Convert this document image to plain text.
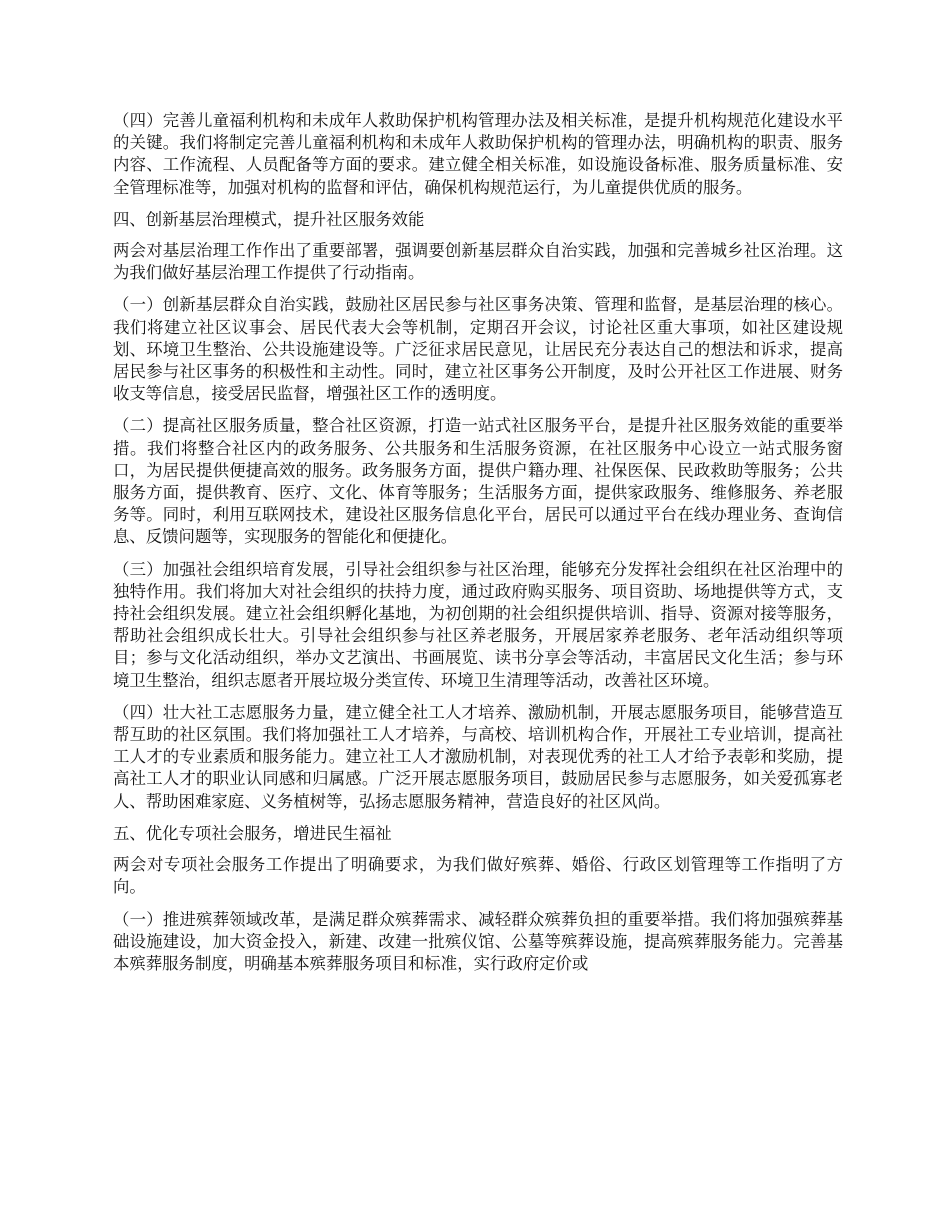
（四）完善儿童福利机构和未成年人救助保护机构管理办法及相关标准，是提升机构规范化建设水平的关键。我们将制定完善儿童福利机构和未成年人救助保护机构的管理办法，明确机构的职责、服务内容、工作流程、人员配备等方面的要求。建立健全相关标准，如设施设备标准、服务质量标准、安全管理标准等，加强对机构的监督和评估，确保机构规范运行，为儿童提供优质的服务。

四、创新基层治理模式，提升社区服务效能

两会对基层治理工作作出了重要部署，强调要创新基层群众自治实践，加强和完善城乡社区治理。这为我们做好基层治理工作提供了行动指南。

（一）创新基层群众自治实践，鼓励社区居民参与社区事务决策、管理和监督，是基层治理的核心。我们将建立社区议事会、居民代表大会等机制，定期召开会议，讨论社区重大事项，如社区建设规划、环境卫生整治、公共设施建设等。广泛征求居民意见，让居民充分表达自己的想法和诉求，提高居民参与社区事务的积极性和主动性。同时，建立社区事务公开制度，及时公开社区工作进展、财务收支等信息，接受居民监督，增强社区工作的透明度。

（二）提高社区服务质量，整合社区资源，打造一站式社区服务平台，是提升社区服务效能的重要举措。我们将整合社区内的政务服务、公共服务和生活服务资源，在社区服务中心设立一站式服务窗口，为居民提供便捷高效的服务。政务服务方面，提供户籍办理、社保医保、民政救助等服务；公共服务方面，提供教育、医疗、文化、体育等服务；生活服务方面，提供家政服务、维修服务、养老服务等。同时，利用互联网技术，建设社区服务信息化平台，居民可以通过平台在线办理业务、查询信息、反馈问题等，实现服务的智能化和便捷化。

（三）加强社会组织培育发展，引导社会组织参与社区治理，能够充分发挥社会组织在社区治理中的独特作用。我们将加大对社会组织的扶持力度，通过政府购买服务、项目资助、场地提供等方式，支持社会组织发展。建立社会组织孵化基地，为初创期的社会组织提供培训、指导、资源对接等服务，帮助社会组织成长壮大。引导社会组织参与社区养老服务，开展居家养老服务、老年活动组织等项目；参与文化活动组织，举办文艺演出、书画展览、读书分享会等活动，丰富居民文化生活；参与环境卫生整治，组织志愿者开展垃圾分类宣传、环境卫生清理等活动，改善社区环境。

（四）壮大社工志愿服务力量，建立健全社工人才培养、激励机制，开展志愿服务项目，能够营造互帮互助的社区氛围。我们将加强社工人才培养，与高校、培训机构合作，开展社工专业培训，提高社工人才的专业素质和服务能力。建立社工人才激励机制，对表现优秀的社工人才给予表彰和奖励，提高社工人才的职业认同感和归属感。广泛开展志愿服务项目，鼓励居民参与志愿服务，如关爱孤寡老人、帮助困难家庭、义务植树等，弘扬志愿服务精神，营造良好的社区风尚。

五、优化专项社会服务，增进民生福祉

两会对专项社会服务工作提出了明确要求，为我们做好殡葬、婚俗、行政区划管理等工作指明了方向。

（一）推进殡葬领域改革，是满足群众殡葬需求、减轻群众殡葬负担的重要举措。我们将加强殡葬基础设施建设，加大资金投入，新建、改建一批殡仪馆、公墓等殡葬设施，提高殡葬服务能力。完善基本殡葬服务制度，明确基本殡葬服务项目和标准，实行政府定价或
